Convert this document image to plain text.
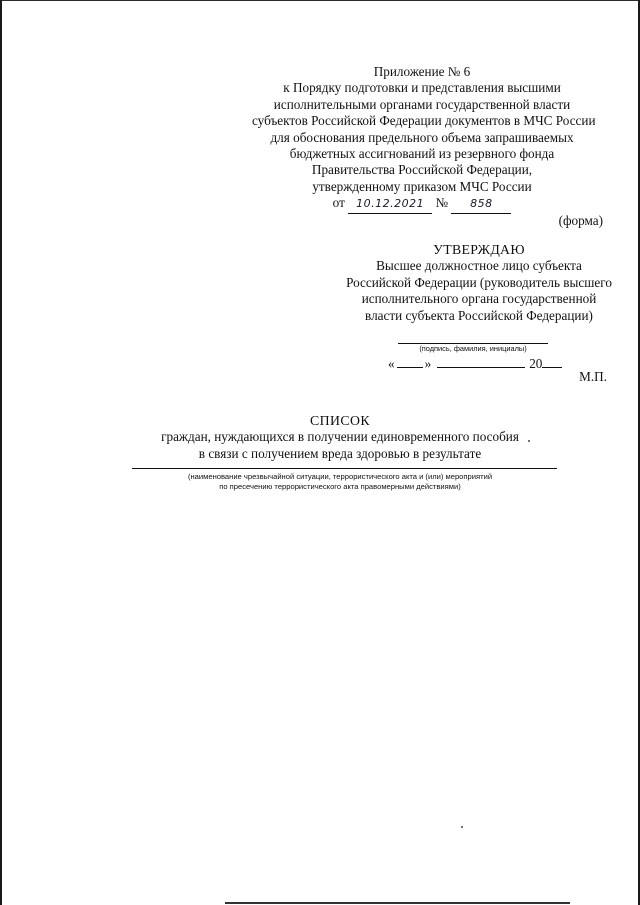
Приложение № 6
к Порядку подготовки и представления высшими
исполнительными органами государственной власти
субъектов Российской Федерации документов в МЧС России
для обоснования предельного объема запрашиваемых
бюджетных ассигнований из резервного фонда
Правительства Российской Федерации,
утвержденному приказом МЧС России
от 10.12.2021 № 858
(форма)
УТВЕРЖДАЮ
Высшее должностное лицо субъекта
Российской Федерации (руководитель высшего
исполнительного органа государственной
власти субъекта Российской Федерации)
(подпись, фамилия, инициалы)
« »	20
М.П.
СПИСОК
граждан, нуждающихся в получении единовременного пособия
в связи с получением вреда здоровью в результате
(наименование чрезвычайной ситуации, террористического акта и (или) мероприятий
по пресечению террористического акта правомерными действиями)
